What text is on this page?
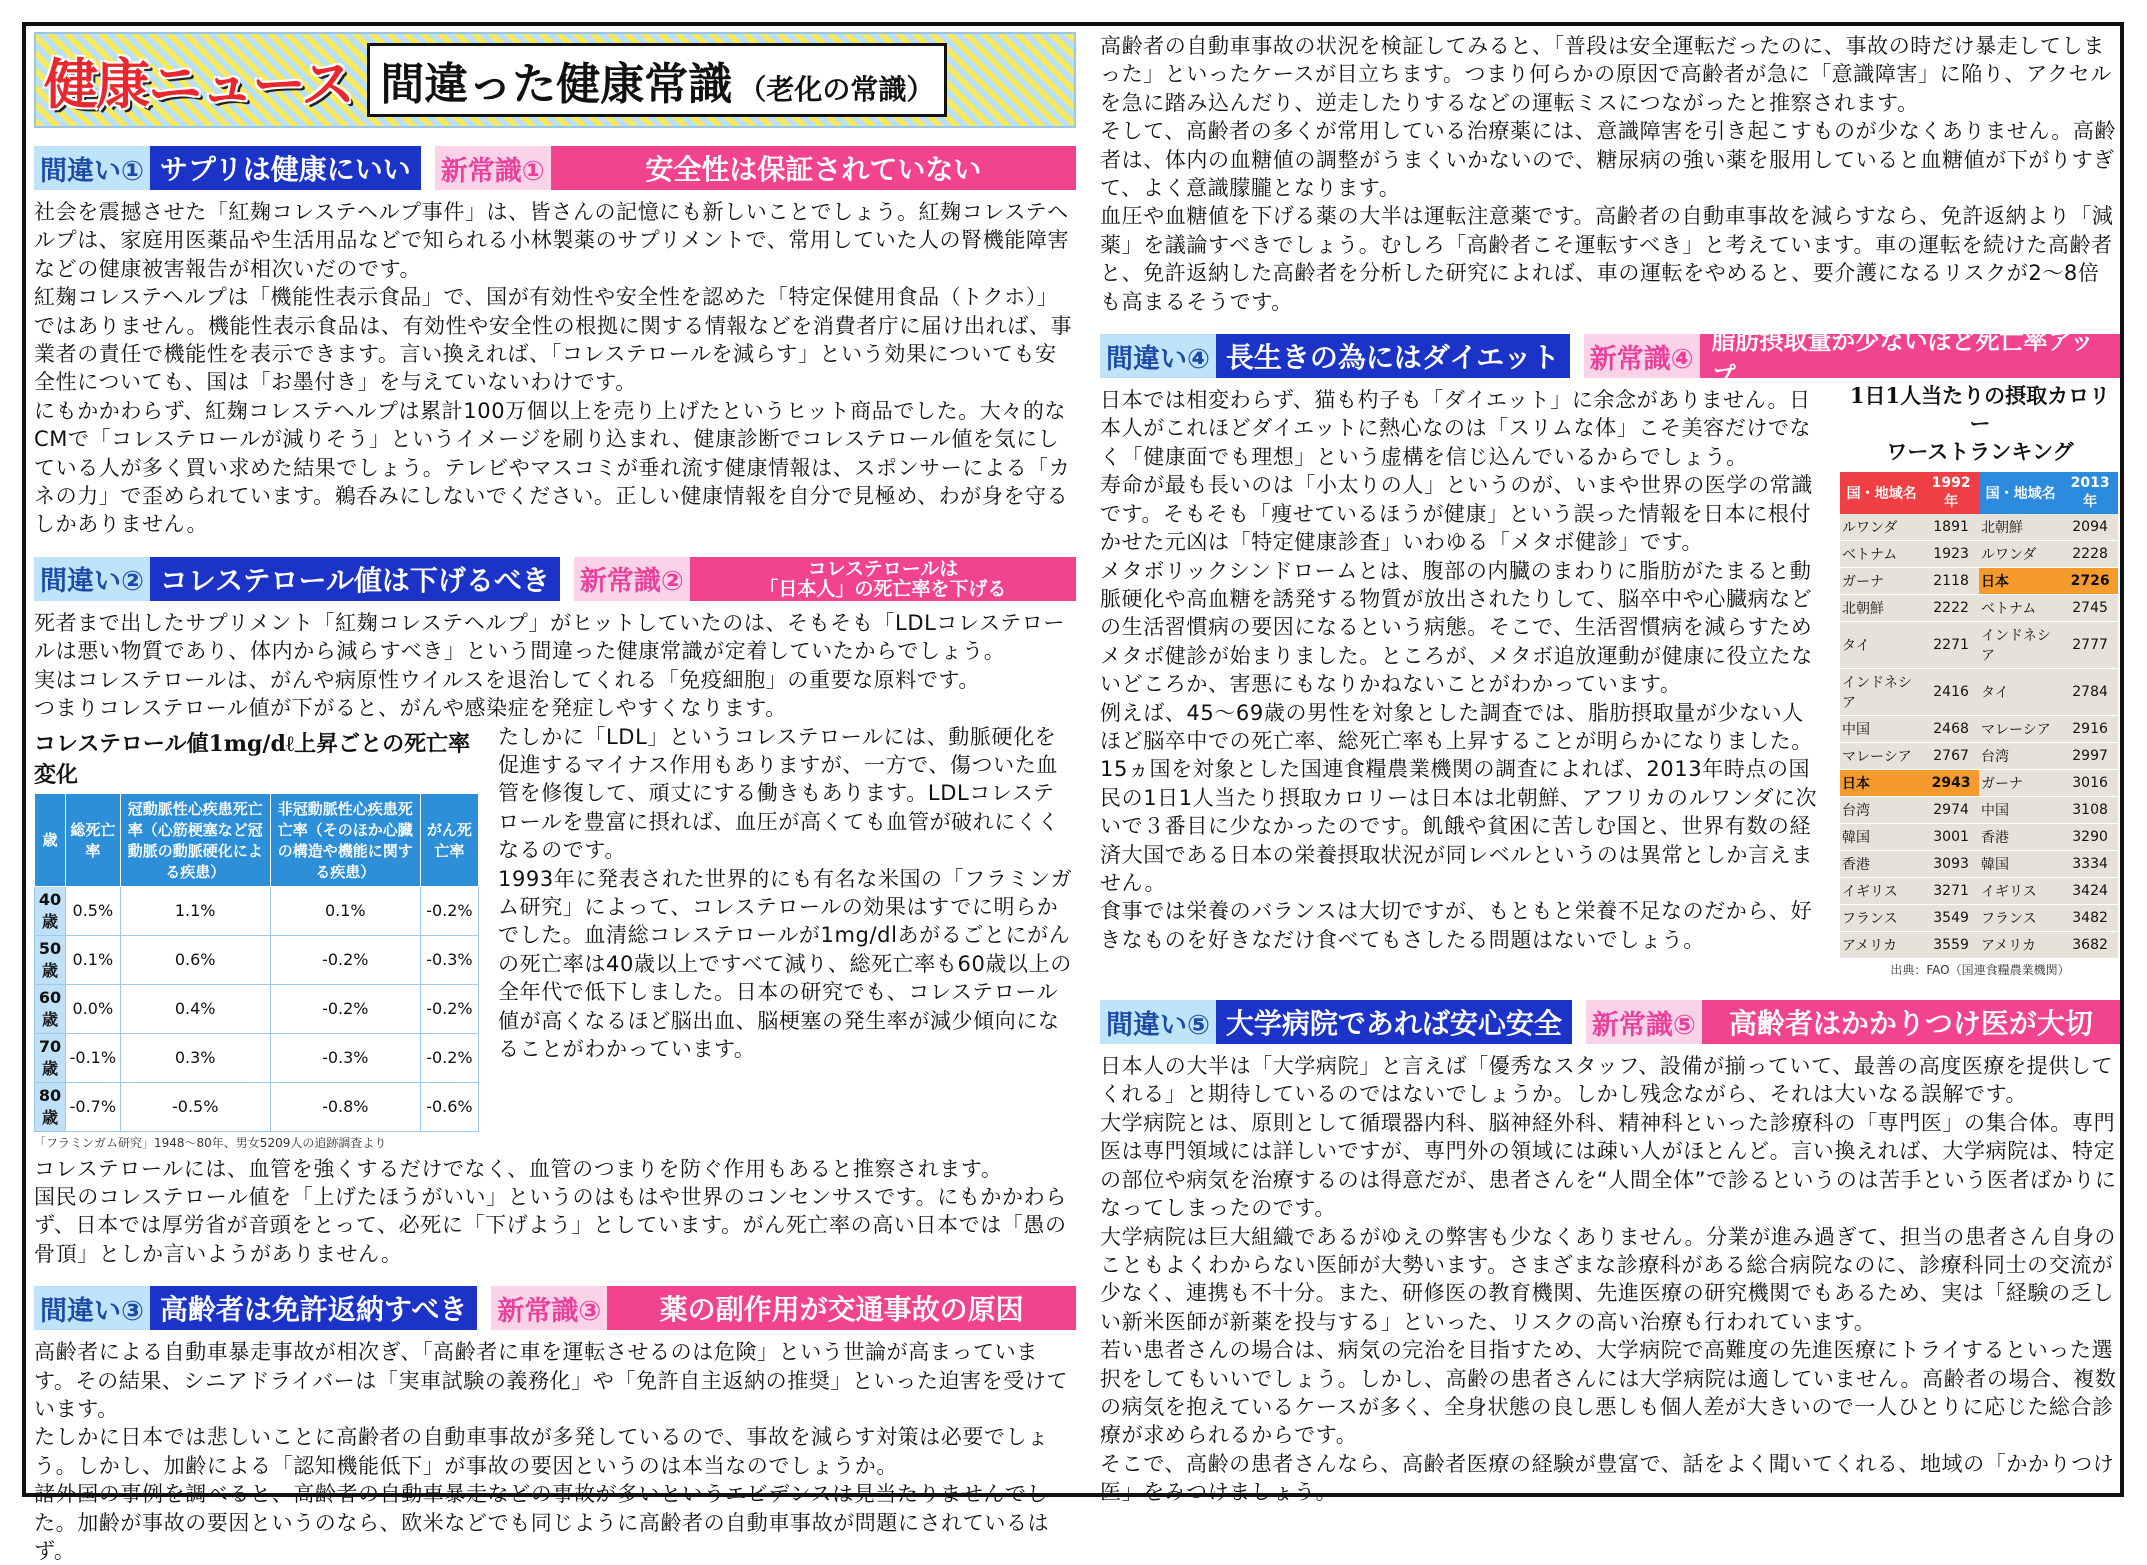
健康ニュース 間違った健康常識 （老化の常識）
間違い① サプリは健康にいい	新常識①	安全性は保証されていない

社会を震撼させた「紅麹コレステヘルプ事件」は、皆さんの記憶にも新しいことでしょう。紅麹コレステヘルプは、家庭用医薬品や生活用品などで知られる小林製薬のサプリメントで、常用していた人の腎機能障害などの健康被害報告が相次いだのです。

紅麹コレステヘルプは「機能性表示食品」で、国が有効性や安全性を認めた「特定保健用食品（トクホ）」ではありません。機能性表示食品は、有効性や安全性の根拠に関する情報などを消費者庁に届け出れば、事業者の責任で機能性を表示できます。言い換えれば、「コレステロールを減らす」という効果についても安全性についても、国は「お墨付き」を与えていないわけです。

にもかかわらず、紅麹コレステヘルプは累計100万個以上を売り上げたというヒット商品でした。大々的なCMで「コレステロールが減りそう」というイメージを刷り込まれ、健康診断でコレステロール値を気にしている人が多く買い求めた結果でしょう。テレビやマスコミが垂れ流す健康情報は、スポンサーによる「カネの力」で歪められています。鵜呑みにしないでください。正しい健康情報を自分で見極め、わが身を守るしかありません。

間違い② コレステロール値は下げるべき	新常識②	コレステロールは
「日本人」の死亡率を下げる

死者まで出したサプリメント「紅麹コレステヘルプ」がヒットしていたのは、そもそも「LDLコレステロールは悪い物質であり、体内から減らすべき」という間違った健康常識が定着していたからでしょう。

実はコレステロールは、がんや病原性ウイルスを退治してくれる「免疫細胞」の重要な原料です。

つまりコレステロール値が下がると、がんや感染症を発症しやすくなります。

コレステロール値1mg/dℓ上昇ごとの死亡率変化
歳	総死亡率	冠動脈性心疾患死亡率（心筋梗塞など冠動脈の動脈硬化による疾患）	非冠動脈性心疾患死亡率（そのほか心臓の構造や機能に関する疾患）	がん死亡率
40歳	0.5%	1.1%	0.1%	-0.2%
50歳	0.1%	0.6%	-0.2%	-0.3%
60歳	0.0%	0.4%	-0.2%	-0.2%
70歳	-0.1%	0.3%	-0.3%	-0.2%
80歳	-0.7%	-0.5%	-0.8%	-0.6%
「フラミンガム研究」1948〜80年、男女5209人の追跡調査より

たしかに「LDL」というコレステロールには、動脈硬化を促進するマイナス作用もありますが、一方で、傷ついた血管を修復して、頑丈にする働きもあります。LDLコレステロールを豊富に摂れば、血圧が高くても血管が破れにくくなるのです。

1993年に発表された世界的にも有名な米国の「フラミンガム研究」によって、コレステロールの効果はすでに明らかでした。血清総コレステロールが1mg/dlあがるごとにがんの死亡率は40歳以上ですべて減り、総死亡率も60歳以上の全年代で低下しました。日本の研究でも、コレステロール値が高くなるほど脳出血、脳梗塞の発生率が減少傾向になることがわかっています。

コレステロールには、血管を強くするだけでなく、血管のつまりを防ぐ作用もあると推察されます。

国民のコレステロール値を「上げたほうがいい」というのはもはや世界のコンセンサスです。にもかかわらず、日本では厚労省が音頭をとって、必死に「下げよう」としています。がん死亡率の高い日本では「愚の骨頂」としか言いようがありません。

間違い③ 高齢者は免許返納すべき	新常識③	薬の副作用が交通事故の原因

高齢者による自動車暴走事故が相次ぎ、「高齢者に車を運転させるのは危険」という世論が高まっています。その結果、シニアドライバーは「実車試験の義務化」や「免許自主返納の推奨」といった迫害を受けています。

たしかに日本では悲しいことに高齢者の自動車事故が多発しているので、事故を減らす対策は必要でしょう。しかし、加齢による「認知機能低下」が事故の要因というのは本当なのでしょうか。

諸外国の事例を調べると、高齢者の自動車暴走などの事故が多いというエビデンスは見当たりませんでした。加齢が事故の要因というのなら、欧米などでも同じように高齢者の自動車事故が問題にされているはず。

高齢者の自動車事故の状況を検証してみると、「普段は安全運転だったのに、事故の時だけ暴走してしまった」といったケースが目立ちます。つまり何らかの原因で高齢者が急に「意識障害」に陥り、アクセルを急に踏み込んだり、逆走したりするなどの運転ミスにつながったと推察されます。

そして、高齢者の多くが常用している治療薬には、意識障害を引き起こすものが少なくありません。高齢者は、体内の血糖値の調整がうまくいかないので、糖尿病の強い薬を服用していると血糖値が下がりすぎて、よく意識朦朧となります。

血圧や血糖値を下げる薬の大半は運転注意薬です。高齢者の自動車事故を減らすなら、免許返納より「減薬」を議論すべきでしょう。むしろ「高齢者こそ運転すべき」と考えています。車の運転を続けた高齢者と、免許返納した高齢者を分析した研究によれば、車の運転をやめると、要介護になるリスクが2〜8倍も高まるそうです。

間違い④ 長生きの為にはダイエット	新常識④
脂肪摂取量が少ないほど死亡率アップ
1日1人当たりの摂取カロリー
ワーストランキング
国・地域名	1992年	国・地域名	2013年
ルワンダ	1891	北朝鮮	2094
ベトナム	1923	ルワンダ	2228
ガーナ	2118	日本	2726
北朝鮮	2222	ベトナム	2745
タイ	2271	インドネシア	2777
インドネシア	2416	タイ	2784
中国	2468	マレーシア	2916
マレーシア	2767	台湾	2997
日本	2943	ガーナ	3016
台湾	2974	中国	3108
韓国	3001	香港	3290
香港	3093	韓国	3334
イギリス	3271	イギリス	3424
フランス	3549	フランス	3482
アメリカ	3559	アメリカ	3682
出典：FAO（国連食糧農業機関）

日本では相変わらず、猫も杓子も「ダイエット」に余念がありません。日本人がこれほどダイエットに熱心なのは「スリムな体」こそ美容だけでなく「健康面でも理想」という虚構を信じ込んでいるからでしょう。

寿命が最も長いのは「小太りの人」というのが、いまや世界の医学の常識です。そもそも「痩せているほうが健康」という誤った情報を日本に根付かせた元凶は「特定健康診査」いわゆる「メタボ健診」です。

メタボリックシンドロームとは、腹部の内臓のまわりに脂肪がたまると動脈硬化や高血糖を誘発する物質が放出されたりして、脳卒中や心臓病などの生活習慣病の要因になるという病態。そこで、生活習慣病を減らすためメタボ健診が始まりました。ところが、メタボ追放運動が健康に役立たないどころか、害悪にもなりかねないことがわかっています。

例えば、45〜69歳の男性を対象とした調査では、脂肪摂取量が少ない人ほど脳卒中での死亡率、総死亡率も上昇することが明らかになりました。

15ヵ国を対象とした国連食糧農業機関の調査によれば、2013年時点の国民の1日1人当たり摂取カロリーは日本は北朝鮮、アフリカのルワンダに次いで３番目に少なかったのです。飢餓や貧困に苦しむ国と、世界有数の経済大国である日本の栄養摂取状況が同レベルというのは異常としか言えません。

食事では栄養のバランスは大切ですが、もともと栄養不足なのだから、好きなものを好きなだけ食べてもさしたる問題はないでしょう。

間違い⑤ 大学病院であれば安心安全	新常識⑤	高齢者はかかりつけ医が大切

日本人の大半は「大学病院」と言えば「優秀なスタッフ、設備が揃っていて、最善の高度医療を提供してくれる」と期待しているのではないでしょうか。しかし残念ながら、それは大いなる誤解です。

大学病院とは、原則として循環器内科、脳神経外科、精神科といった診療科の「専門医」の集合体。専門医は専門領域には詳しいですが、専門外の領域には疎い人がほとんど。言い換えれば、大学病院は、特定の部位や病気を治療するのは得意だが、患者さんを“人間全体”で診るというのは苦手という医者ばかりになってしまったのです。

大学病院は巨大組織であるがゆえの弊害も少なくありません。分業が進み過ぎて、担当の患者さん自身のこともよくわからない医師が大勢います。さまざまな診療科がある総合病院なのに、診療科同士の交流が少なく、連携も不十分。また、研修医の教育機関、先進医療の研究機関でもあるため、実は「経験の乏しい新米医師が新薬を投与する」といった、リスクの高い治療も行われています。

若い患者さんの場合は、病気の完治を目指すため、大学病院で高難度の先進医療にトライするといった選択をしてもいいでしょう。しかし、高齢の患者さんには大学病院は適していません。高齢者の場合、複数の病気を抱えているケースが多く、全身状態の良し悪しも個人差が大きいので一人ひとりに応じた総合診療が求められるからです。

そこで、高齢の患者さんなら、高齢者医療の経験が豊富で、話をよく聞いてくれる、地域の「かかりつけ医」をみつけましょう。
